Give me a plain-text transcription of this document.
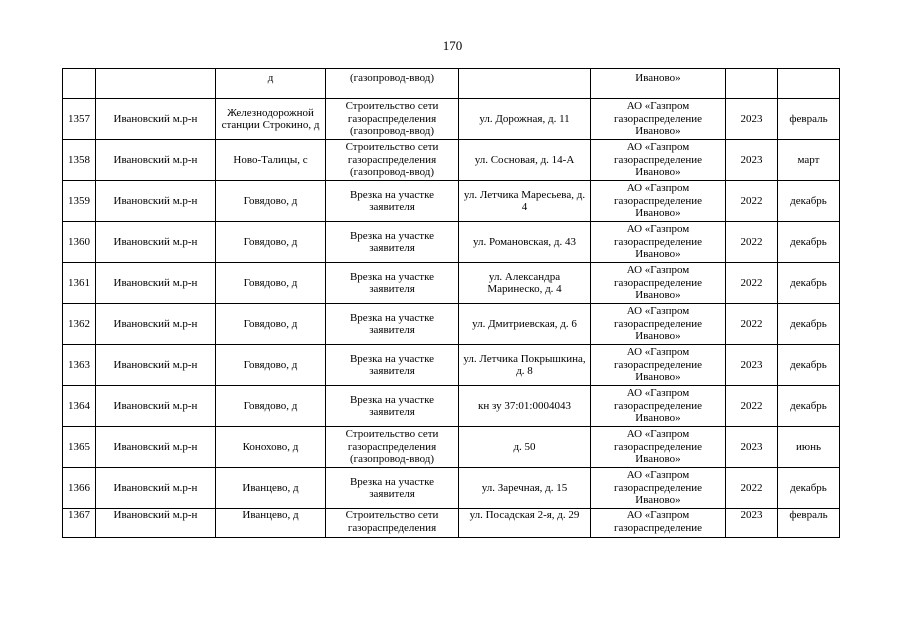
170

		д	(газопровод-ввод)		Иваново»		

1357	Ивановский м.р-н	Железнодорожной станции Строкино, д	Строительство сети газораспределения (газопровод-ввод)	ул. Дорожная, д. 11	АО «Газпром газораспределение Иваново»	2023	февраль

1358	Ивановский м.р-н	Ново-Талицы, с	Строительство сети газораспределения (газопровод-ввод)	ул. Сосновая, д. 14-А	АО «Газпром газораспределение Иваново»	2023	март

1359	Ивановский м.р-н	Говядово, д	Врезка на участке заявителя	ул. Летчика Маресьева, д. 4	АО «Газпром газораспределение Иваново»	2022	декабрь

1360	Ивановский м.р-н	Говядово, д	Врезка на участке заявителя	ул. Романовская, д. 43	АО «Газпром газораспределение Иваново»	2022	декабрь

1361	Ивановский м.р-н	Говядово, д	Врезка на участке заявителя	ул. Александра Маринеско, д. 4	АО «Газпром газораспределение Иваново»	2022	декабрь

1362	Ивановский м.р-н	Говядово, д	Врезка на участке заявителя	ул. Дмитриевская, д. 6	АО «Газпром газораспределение Иваново»	2022	декабрь

1363	Ивановский м.р-н	Говядово, д	Врезка на участке заявителя	ул. Летчика Покрышкина, д. 8	АО «Газпром газораспределение Иваново»	2023	декабрь

1364	Ивановский м.р-н	Говядово, д	Врезка на участке заявителя	кн зу 37:01:0004043	АО «Газпром газораспределение Иваново»	2022	декабрь

1365	Ивановский м.р-н	Конохово, д	Строительство сети газораспределения (газопровод-ввод)	д. 50	АО «Газпром газораспределение Иваново»	2023	июнь

1366	Ивановский м.р-н	Иванцево, д	Врезка на участке заявителя	ул. Заречная, д. 15	АО «Газпром газораспределение Иваново»	2022	декабрь

1367	Ивановский м.р-н	Иванцево, д	Строительство сети газораспределения	ул. Посадская 2-я, д. 29	АО «Газпром газораспределение	2023	февраль
